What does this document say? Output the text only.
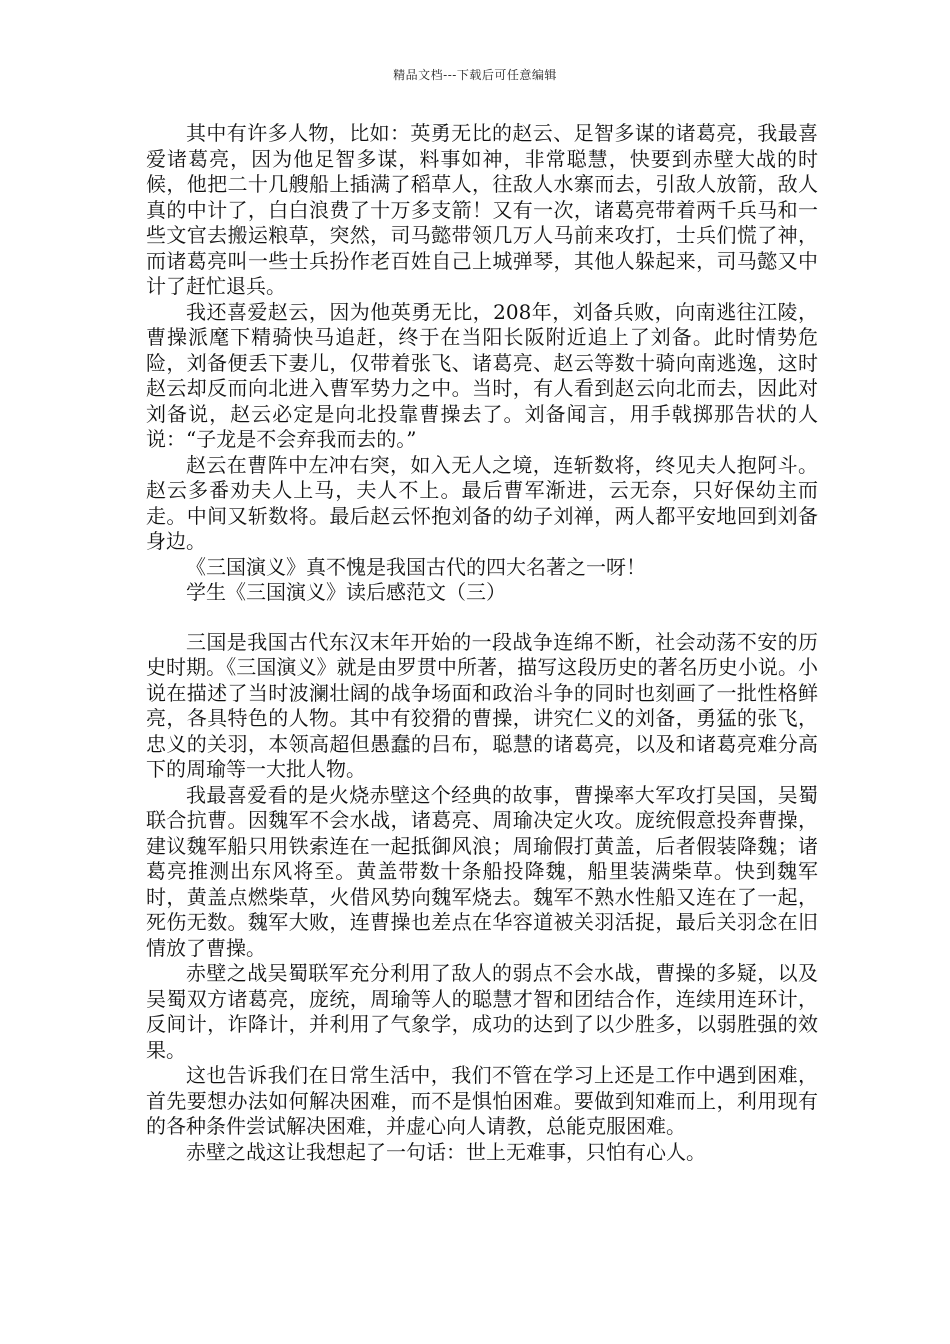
精品文档---下载后可任意编辑

其中有许多人物，比如：英勇无比的赵云、足智多谋的诸葛亮，我最喜爱诸葛亮，因为他足智多谋，料事如神，非常聪慧，快要到赤壁大战的时候，他把二十几艘船上插满了稻草人，往敌人水寨而去，引敌人放箭，敌人真的中计了，白白浪费了十万多支箭！又有一次，诸葛亮带着两千兵马和一些文官去搬运粮草，突然，司马懿带领几万人马前来攻打，士兵们慌了神，而诸葛亮叫一些士兵扮作老百姓自己上城弹琴，其他人躲起来，司马懿又中计了赶忙退兵。

我还喜爱赵云，因为他英勇无比，208年，刘备兵败，向南逃往江陵，曹操派麾下精骑快马追赶，终于在当阳长阪附近追上了刘备。此时情势危险，刘备便丢下妻儿，仅带着张飞、诸葛亮、赵云等数十骑向南逃逸，这时赵云却反而向北进入曹军势力之中。当时，有人看到赵云向北而去，因此对刘备说，赵云必定是向北投靠曹操去了。刘备闻言，用手戟掷那告状的人说：“子龙是不会弃我而去的。”

赵云在曹阵中左冲右突，如入无人之境，连斩数将，终见夫人抱阿斗。赵云多番劝夫人上马，夫人不上。最后曹军渐进，云无奈，只好保幼主而走。中间又斩数将。最后赵云怀抱刘备的幼子刘禅，两人都平安地回到刘备身边。

《三国演义》真不愧是我国古代的四大名著之一呀！

学生《三国演义》读后感范文（三）

三国是我国古代东汉末年开始的一段战争连绵不断，社会动荡不安的历史时期。《三国演义》就是由罗贯中所著，描写这段历史的著名历史小说。小说在描述了当时波澜壮阔的战争场面和政治斗争的同时也刻画了一批性格鲜亮，各具特色的人物。其中有狡猾的曹操，讲究仁义的刘备，勇猛的张飞，忠义的关羽，本领高超但愚蠢的吕布，聪慧的诸葛亮，以及和诸葛亮难分高下的周瑜等一大批人物。

我最喜爱看的是火烧赤壁这个经典的故事，曹操率大军攻打吴国，吴蜀联合抗曹。因魏军不会水战，诸葛亮、周瑜决定火攻。庞统假意投奔曹操，建议魏军船只用铁索连在一起抵御风浪；周瑜假打黄盖，后者假装降魏；诸葛亮推测出东风将至。黄盖带数十条船投降魏，船里装满柴草。快到魏军时，黄盖点燃柴草，火借风势向魏军烧去。魏军不熟水性船又连在了一起，死伤无数。魏军大败，连曹操也差点在华容道被关羽活捉，最后关羽念在旧情放了曹操。

赤壁之战吴蜀联军充分利用了敌人的弱点不会水战，曹操的多疑，以及吴蜀双方诸葛亮，庞统，周瑜等人的聪慧才智和团结合作，连续用连环计，反间计，诈降计，并利用了气象学，成功的达到了以少胜多，以弱胜强的效果。

这也告诉我们在日常生活中，我们不管在学习上还是工作中遇到困难，首先要想办法如何解决困难，而不是惧怕困难。要做到知难而上，利用现有的各种条件尝试解决困难，并虚心向人请教，总能克服困难。

赤壁之战这让我想起了一句话：世上无难事，只怕有心人。
